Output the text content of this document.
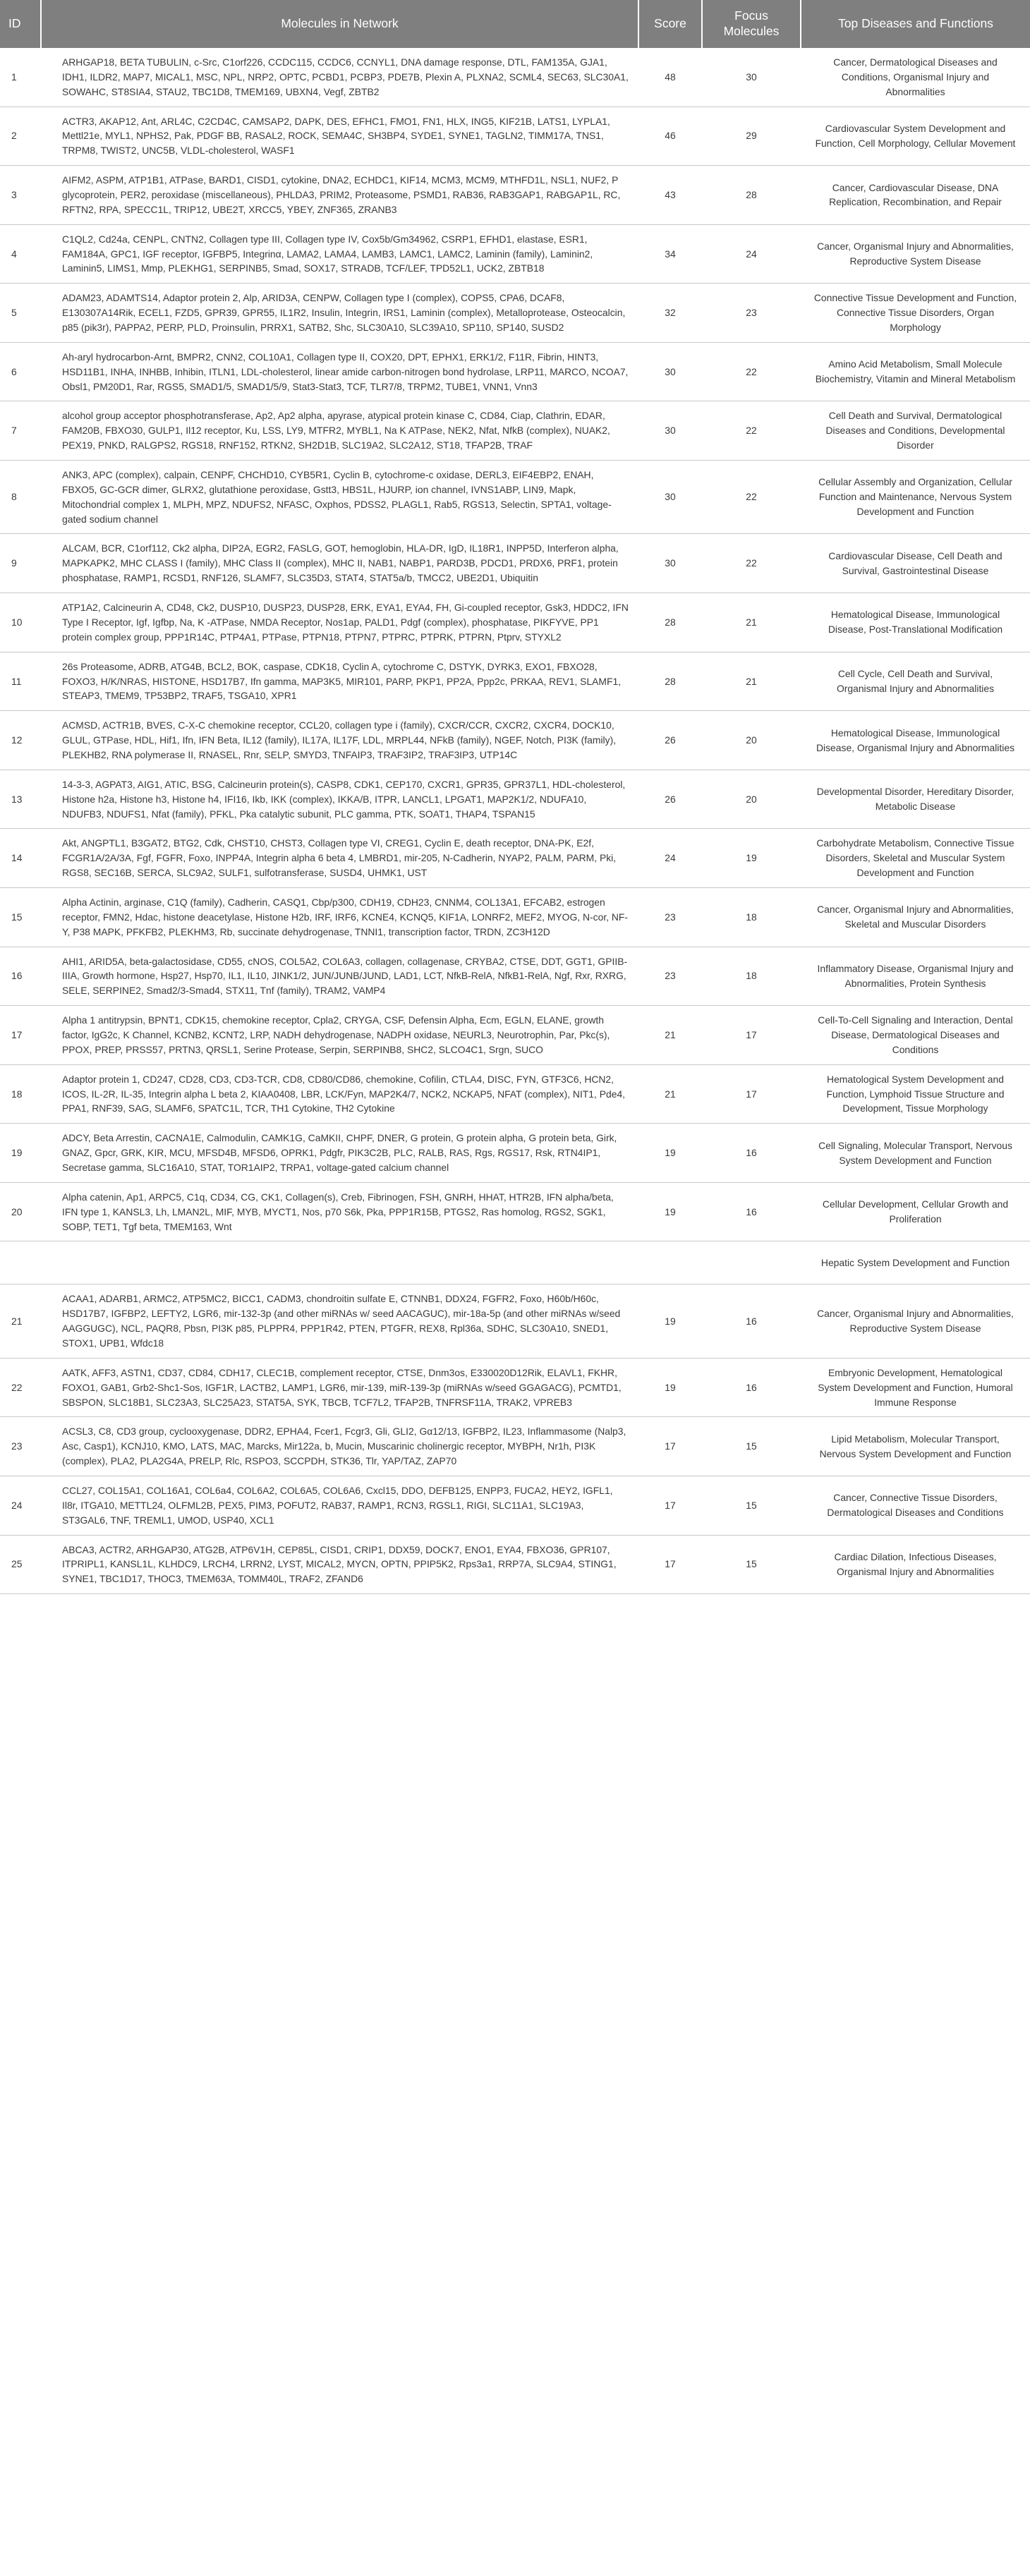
ID	Molecules in Network	Score	Focus Molecules	Top Diseases and Functions
1	ARHGAP18, BETA TUBULIN, c-Src, C1orf226, CCDC115, CCDC6, CCNYL1, DNA damage response, DTL, FAM135A, GJA1, IDH1, ILDR2, MAP7, MICAL1, MSC, NPL, NRP2, OPTC, PCBD1, PCBP3, PDE7B, Plexin A, PLXNA2, SCML4, SEC63, SLC30A1, SOWAHC, ST8SIA4, STAU2, TBC1D8, TMEM169, UBXN4, Vegf, ZBTB2	48	30	Cancer, Dermatological Diseases and Conditions, Organismal Injury and Abnormalities
2	ACTR3, AKAP12, Ant, ARL4C, C2CD4C, CAMSAP2, DAPK, DES, EFHC1, FMO1, FN1, HLX, ING5, KIF21B, LATS1, LYPLA1, Mettl21e, MYL1, NPHS2, Pak, PDGF BB, RASAL2, ROCK, SEMA4C, SH3BP4, SYDE1, SYNE1, TAGLN2, TIMM17A, TNS1, TRPM8, TWIST2, UNC5B, VLDL-cholesterol, WASF1	46	29	Cardiovascular System Development and Function, Cell Morphology, Cellular Movement
3	AIFM2, ASPM, ATP1B1, ATPase, BARD1, CISD1, cytokine, DNA2, ECHDC1, KIF14, MCM3, MCM9, MTHFD1L, NSL1, NUF2, P glycoprotein, PER2, peroxidase (miscellaneous), PHLDA3, PRIM2, Proteasome, PSMD1, RAB36, RAB3GAP1, RABGAP1L, RC, RFTN2, RPA, SPECC1L, TRIP12, UBE2T, XRCC5, YBEY, ZNF365, ZRANB3	43	28	Cancer, Cardiovascular Disease, DNA Replication, Recombination, and Repair
4	C1QL2, Cd24a, CENPL, CNTN2, Collagen type III, Collagen type IV, Cox5b/Gm34962, CSRP1, EFHD1, elastase, ESR1, FAM184A, GPC1, IGF receptor, IGFBP5, Integrinα, LAMA2, LAMA4, LAMB3, LAMC1, LAMC2, Laminin (family), Laminin2, Laminin5, LIMS1, Mmp, PLEKHG1, SERPINB5, Smad, SOX17, STRADB, TCF/LEF, TPD52L1, UCK2, ZBTB18	34	24	Cancer, Organismal Injury and Abnormalities, Reproductive System Disease
5	ADAM23, ADAMTS14, Adaptor protein 2, Alp, ARID3A, CENPW, Collagen type I (complex), COPS5, CPA6, DCAF8, E130307A14Rik, ECEL1, FZD5, GPR39, GPR55, IL1R2, Insulin, Integrin, IRS1, Laminin (complex), Metalloprotease, Osteocalcin, p85 (pik3r), PAPPA2, PERP, PLD, Proinsulin, PRRX1, SATB2, Shc, SLC30A10, SLC39A10, SP110, SP140, SUSD2	32	23	Connective Tissue Development and Function, Connective Tissue Disorders, Organ Morphology
6	Ah-aryl hydrocarbon-Arnt, BMPR2, CNN2, COL10A1, Collagen type II, COX20, DPT, EPHX1, ERK1/2, F11R, Fibrin, HINT3, HSD11B1, INHA, INHBB, Inhibin, ITLN1, LDL-cholesterol, linear amide carbon-nitrogen bond hydrolase, LRP11, MARCO, NCOA7, Obsl1, PM20D1, Rar, RGS5, SMAD1/5, SMAD1/5/9, Stat3-Stat3, TCF, TLR7/8, TRPM2, TUBE1, VNN1, Vnn3	30	22	Amino Acid Metabolism, Small Molecule Biochemistry, Vitamin and Mineral Metabolism
7	alcohol group acceptor phosphotransferase, Ap2, Ap2 alpha, apyrase, atypical protein kinase C, CD84, Ciap, Clathrin, EDAR, FAM20B, FBXO30, GULP1, Il12 receptor, Ku, LSS, LY9, MTFR2, MYBL1, Na K ATPase, NEK2, Nfat, NfkB (complex), NUAK2, PEX19, PNKD, RALGPS2, RGS18, RNF152, RTKN2, SH2D1B, SLC19A2, SLC2A12, ST18, TFAP2B, TRAF	30	22	Cell Death and Survival, Dermatological Diseases and Conditions, Developmental Disorder
8	ANK3, APC (complex), calpain, CENPF, CHCHD10, CYB5R1, Cyclin B, cytochrome-c oxidase, DERL3, EIF4EBP2, ENAH, FBXO5, GC-GCR dimer, GLRX2, glutathione peroxidase, Gstt3, HBS1L, HJURP, ion channel, IVNS1ABP, LIN9, Mapk, Mitochondrial complex 1, MLPH, MPZ, NDUFS2, NFASC, Oxphos, PDSS2, PLAGL1, Rab5, RGS13, Selectin, SPTA1, voltage-gated sodium channel	30	22	Cellular Assembly and Organization, Cellular Function and Maintenance, Nervous System Development and Function
9	ALCAM, BCR, C1orf112, Ck2 alpha, DIP2A, EGR2, FASLG, GOT, hemoglobin, HLA-DR, IgD, IL18R1, INPP5D, Interferon alpha, MAPKAPK2, MHC CLASS I (family), MHC Class II (complex), MHC II, NAB1, NABP1, PARD3B, PDCD1, PRDX6, PRF1, protein phosphatase, RAMP1, RCSD1, RNF126, SLAMF7, SLC35D3, STAT4, STAT5a/b, TMCC2, UBE2D1, Ubiquitin	30	22	Cardiovascular Disease, Cell Death and Survival, Gastrointestinal Disease
10	ATP1A2, Calcineurin A, CD48, Ck2, DUSP10, DUSP23, DUSP28, ERK, EYA1, EYA4, FH, Gi-coupled receptor, Gsk3, HDDC2, IFN Type I Receptor, Igf, Igfbp, Na, K -ATPase, NMDA Receptor, Nos1ap, PALD1, Pdgf (complex), phosphatase, PIKFYVE, PP1 protein complex group, PPP1R14C, PTP4A1, PTPase, PTPN18, PTPN7, PTPRC, PTPRK, PTPRN, Ptprv, STYXL2	28	21	Hematological Disease, Immunological Disease, Post-Translational Modification
11	26s Proteasome, ADRB, ATG4B, BCL2, BOK, caspase, CDK18, Cyclin A, cytochrome C, DSTYK, DYRK3, EXO1, FBXO28, FOXO3, H/K/NRAS, HISTONE, HSD17B7, Ifn gamma, MAP3K5, MIR101, PARP, PKP1, PP2A, Ppp2c, PRKAA, REV1, SLAMF1, STEAP3, TMEM9, TP53BP2, TRAF5, TSGA10, XPR1	28	21	Cell Cycle, Cell Death and Survival, Organismal Injury and Abnormalities
12	ACMSD, ACTR1B, BVES, C-X-C chemokine receptor, CCL20, collagen type i (family), CXCR/CCR, CXCR2, CXCR4, DOCK10, GLUL, GTPase, HDL, Hif1, Ifn, IFN Beta, IL12 (family), IL17A, IL17F, LDL, MRPL44, NFkB (family), NGEF, Notch, PI3K (family), PLEKHB2, RNA polymerase II, RNASEL, Rnr, SELP, SMYD3, TNFAIP3, TRAF3IP2, TRAF3IP3, UTP14C	26	20	Hematological Disease, Immunological Disease, Organismal Injury and Abnormalities
13	14-3-3, AGPAT3, AIG1, ATIC, BSG, Calcineurin protein(s), CASP8, CDK1, CEP170, CXCR1, GPR35, GPR37L1, HDL-cholesterol, Histone h2a, Histone h3, Histone h4, IFI16, Ikb, IKK (complex), IKKA/B, ITPR, LANCL1, LPGAT1, MAP2K1/2, NDUFA10, NDUFB3, NDUFS1, Nfat (family), PFKL, Pka catalytic subunit, PLC gamma, PTK, SOAT1, THAP4, TSPAN15	26	20	Developmental Disorder, Hereditary Disorder, Metabolic Disease
14	Akt, ANGPTL1, B3GAT2, BTG2, Cdk, CHST10, CHST3, Collagen type VI, CREG1, Cyclin E, death receptor, DNA-PK, E2f, FCGR1A/2A/3A, Fgf, FGFR, Foxo, INPP4A, Integrin alpha 6 beta 4, LMBRD1, mir-205, N-Cadherin, NYAP2, PALM, PARM, Pki, RGS8, SEC16B, SERCA, SLC9A2, SULF1, sulfotransferase, SUSD4, UHMK1, UST	24	19	Carbohydrate Metabolism, Connective Tissue Disorders, Skeletal and Muscular System Development and Function
15	Alpha Actinin, arginase, C1Q (family), Cadherin, CASQ1, Cbp/p300, CDH19, CDH23, CNNM4, COL13A1, EFCAB2, estrogen receptor, FMN2, Hdac, histone deacetylase, Histone H2b, IRF, IRF6, KCNE4, KCNQ5, KIF1A, LONRF2, MEF2, MYOG, N-cor, NF-Y, P38 MAPK, PFKFB2, PLEKHM3, Rb, succinate dehydrogenase, TNNI1, transcription factor, TRDN, ZC3H12D	23	18	Cancer, Organismal Injury and Abnormalities, Skeletal and Muscular Disorders
16	AHI1, ARID5A, beta-galactosidase, CD55, cNOS, COL5A2, COL6A3, collagen, collagenase, CRYBA2, CTSE, DDT, GGT1, GPIIB-IIIA, Growth hormone, Hsp27, Hsp70, IL1, IL10, JINK1/2, JUN/JUNB/JUND, LAD1, LCT, NfkB-RelA, NfkB1-RelA, Ngf, Rxr, RXRG, SELE, SERPINE2, Smad2/3-Smad4, STX11, Tnf (family), TRAM2, VAMP4	23	18	Inflammatory Disease, Organismal Injury and Abnormalities, Protein Synthesis
17	Alpha 1 antitrypsin, BPNT1, CDK15, chemokine receptor, Cpla2, CRYGA, CSF, Defensin Alpha, Ecm, EGLN, ELANE, growth factor, IgG2c, K Channel, KCNB2, KCNT2, LRP, NADH dehydrogenase, NADPH oxidase, NEURL3, Neurotrophin, Par, Pkc(s), PPOX, PREP, PRSS57, PRTN3, QRSL1, Serine Protease, Serpin, SERPINB8, SHC2, SLCO4C1, Srgn, SUCO	21	17	Cell-To-Cell Signaling and Interaction, Dental Disease, Dermatological Diseases and Conditions
18	Adaptor protein 1, CD247, CD28, CD3, CD3-TCR, CD8, CD80/CD86, chemokine, Cofilin, CTLA4, DISC, FYN, GTF3C6, HCN2, ICOS, IL-2R, IL-35, Integrin alpha L beta 2, KIAA0408, LBR, LCK/Fyn, MAP2K4/7, NCK2, NCKAP5, NFAT (complex), NIT1, Pde4, PPA1, RNF39, SAG, SLAMF6, SPATC1L, TCR, TH1 Cytokine, TH2 Cytokine	21	17	Hematological System Development and Function, Lymphoid Tissue Structure and Development, Tissue Morphology
19	ADCY, Beta Arrestin, CACNA1E, Calmodulin, CAMK1G, CaMKII, CHPF, DNER, G protein, G protein alpha, G protein beta, Girk, GNAZ, Gpcr, GRK, KIR, MCU, MFSD4B, MFSD6, OPRK1, Pdgfr, PIK3C2B, PLC, RALB, RAS, Rgs, RGS17, Rsk, RTN4IP1, Secretase gamma, SLC16A10, STAT, TOR1AIP2, TRPA1, voltage-gated calcium channel	19	16	Cell Signaling, Molecular Transport, Nervous System Development and Function
20	Alpha catenin, Ap1, ARPC5, C1q, CD34, CG, CK1, Collagen(s), Creb, Fibrinogen, FSH, GNRH, HHAT, HTR2B, IFN alpha/beta, IFN type 1, KANSL3, Lh, LMAN2L, MIF, MYB, MYCT1, Nos, p70 S6k, Pka, PPP1R15B, PTGS2, Ras homolog, RGS2, SGK1, SOBP, TET1, Tgf beta, TMEM163, Wnt	19	16	Cellular Development, Cellular Growth and Proliferation
				Hepatic System Development and Function
21	ACAA1, ADARB1, ARMC2, ATP5MC2, BICC1, CADM3, chondroitin sulfate E, CTNNB1, DDX24, FGFR2, Foxo, H60b/H60c, HSD17B7, IGFBP2, LEFTY2, LGR6, mir-132-3p (and other miRNAs w/ seed AACAGUC), mir-18a-5p (and other miRNAs w/seed AAGGUGC), NCL, PAQR8, Pbsn, PI3K p85, PLPPR4, PPP1R42, PTEN, PTGFR, REX8, Rpl36a, SDHC, SLC30A10, SNED1, STOX1, UPB1, Wfdc18	19	16	Cancer, Organismal Injury and Abnormalities, Reproductive System Disease
22	AATK, AFF3, ASTN1, CD37, CD84, CDH17, CLEC1B, complement receptor, CTSE, Dnm3os, E330020D12Rik, ELAVL1, FKHR, FOXO1, GAB1, Grb2-Shc1-Sos, IGF1R, LACTB2, LAMP1, LGR6, mir-139, miR-139-3p (miRNAs w/seed GGAGACG), PCMTD1, SBSPON, SLC18B1, SLC23A3, SLC25A23, STAT5A, SYK, TBCB, TCF7L2, TFAP2B, TNFRSF11A, TRAK2, VPREB3	19	16	Embryonic Development, Hematological System Development and Function, Humoral Immune Response
23	ACSL3, C8, CD3 group, cyclooxygenase, DDR2, EPHA4, Fcer1, Fcgr3, Gli, GLI2, Gα12/13, IGFBP2, IL23, Inflammasome (Nalp3, Asc, Casp1), KCNJ10, KMO, LATS, MAC, Marcks, Mir122a, b, Mucin, Muscarinic cholinergic receptor, MYBPH, Nr1h, PI3K (complex), PLA2, PLA2G4A, PRELP, Rlc, RSPO3, SCCPDH, STK36, Tlr, YAP/TAZ, ZAP70	17	15	Lipid Metabolism, Molecular Transport, Nervous System Development and Function
24	CCL27, COL15A1, COL16A1, COL6a4, COL6A2, COL6A5, COL6A6, Cxcl15, DDO, DEFB125, ENPP3, FUCA2, HEY2, IGFL1, Il8r, ITGA10, METTL24, OLFML2B, PEX5, PIM3, POFUT2, RAB37, RAMP1, RCN3, RGSL1, RIGI, SLC11A1, SLC19A3, ST3GAL6, TNF, TREML1, UMOD, USP40, XCL1	17	15	Cancer, Connective Tissue Disorders, Dermatological Diseases and Conditions
25	ABCA3, ACTR2, ARHGAP30, ATG2B, ATP6V1H, CEP85L, CISD1, CRIP1, DDX59, DOCK7, ENO1, EYA4, FBXO36, GPR107, ITPRIPL1, KANSL1L, KLHDC9, LRCH4, LRRN2, LYST, MICAL2, MYCN, OPTN, PPIP5K2, Rps3a1, RRP7A, SLC9A4, STING1, SYNE1, TBC1D17, THOC3, TMEM63A, TOMM40L, TRAF2, ZFAND6	17	15	Cardiac Dilation, Infectious Diseases, Organismal Injury and Abnormalities
